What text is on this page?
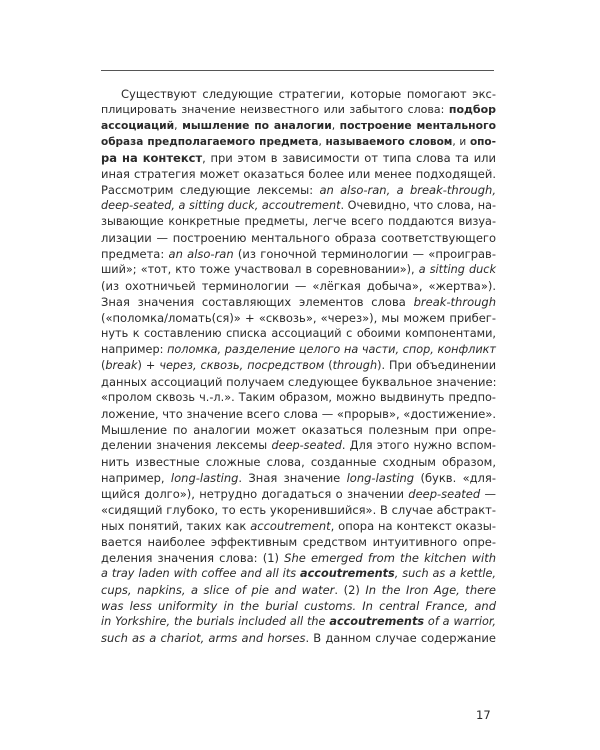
Существуют следующие стратегии, которые помогают экс-
плицировать значение неизвестного или забытого слова: подбор
ассоциаций, мышление по аналогии, построение ментального
образа предполагаемого предмета, называемого словом, и опо-
ра на контекст, при этом в зависимости от типа слова та или
иная стратегия может оказаться более или менее подходящей.
Рассмотрим следующие лексемы: an also-ran, a break-through,
deep-seated, a sitting duck, accoutrement. Очевидно, что слова, на-
зывающие конкретные предметы, легче всего поддаются визуа-
лизации — построению ментального образа соответствующего
предмета: an also-ran (из гоночной терминологии — «проиграв-
ший»; «тот, кто тоже участвовал в соревновании»), a sitting duck
(из охотничьей терминологии — «лёгкая добыча», «жертва»).
Зная значения составляющих элементов слова break-through
(«поломка/ломать(ся)» + «сквозь», «через»), мы можем прибег-
нуть к составлению списка ассоциаций с обоими компонентами,
например: поломка, разделение целого на части, спор, конфликт
(break) + через, сквозь, посредством (through). При объединении
данных ассоциаций получаем следующее буквальное значение:
«пролом сквозь ч.-л.». Таким образом, можно выдвинуть предпо-
ложение, что значение всего слова — «прорыв», «достижение».
Мышление по аналогии может оказаться полезным при опре-
делении значения лексемы deep-seated. Для этого нужно вспом-
нить известные сложные слова, созданные сходным образом,
например, long-lasting. Зная значение long-lasting (букв. «для-
щийся долго»), нетрудно догадаться о значении deep-seated —
«сидящий глубоко, то есть укоренившийся». В случае абстракт-
ных понятий, таких как accoutrement, опора на контекст оказы-
вается наиболее эффективным средством интуитивного опре-
деления значения слова: (1) She emerged from the kitchen with
a tray laden with coffee and all its accoutrements, such as a kettle,
cups, napkins, a slice of pie and water. (2) In the Iron Age, there
was less uniformity in the burial customs. In central France, and
in Yorkshire, the burials included all the accoutrements of a warrior,
such as a chariot, arms and horses. В данном случае содержание
17
